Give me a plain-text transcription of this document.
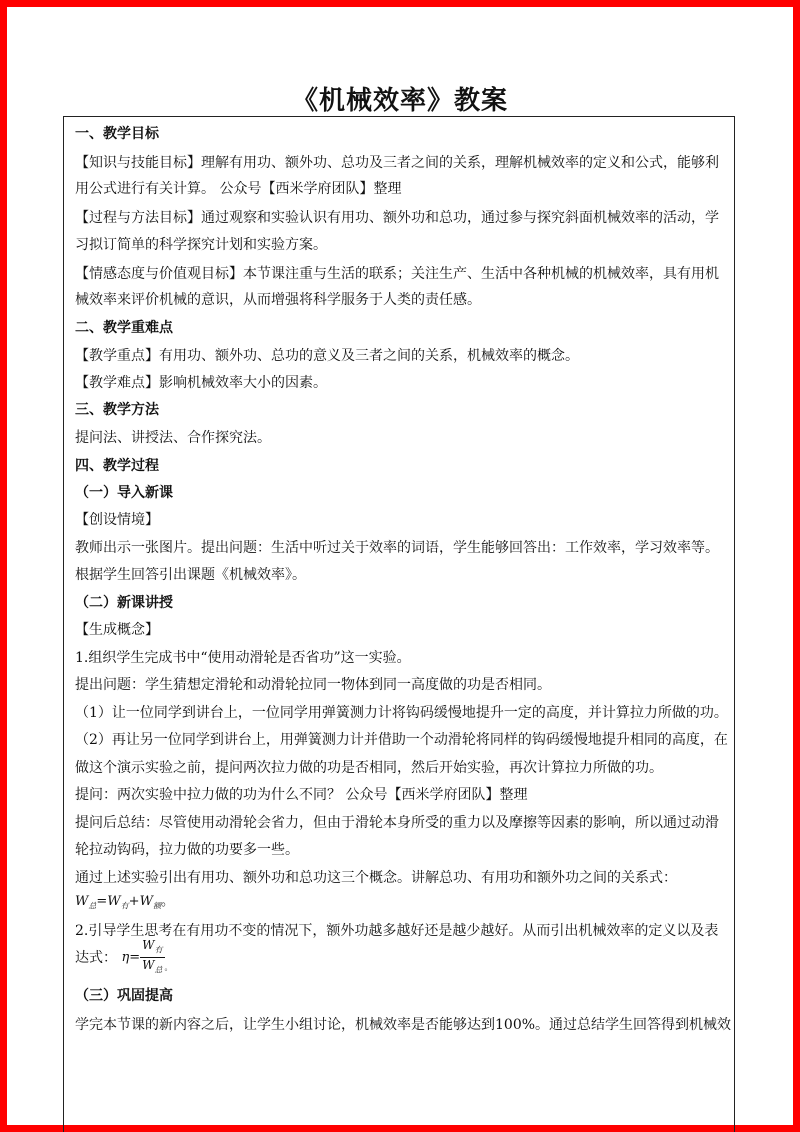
《机械效率》教案
一、教学目标
【知识与技能目标】理解有用功、额外功、总功及三者之间的关系，理解机械效率的定义和公式，能够利
用公式进行有关计算。 公众号【西米学府团队】整理
【过程与方法目标】通过观察和实验认识有用功、额外功和总功，通过参与探究斜面机械效率的活动，学
习拟订简单的科学探究计划和实验方案。
【情感态度与价值观目标】本节课注重与生活的联系；关注生产、生活中各种机械的机械效率，具有用机
械效率来评价机械的意识，从而增强将科学服务于人类的责任感。
二、教学重难点
【教学重点】有用功、额外功、总功的意义及三者之间的关系，机械效率的概念。
【教学难点】影响机械效率大小的因素。
三、教学方法
提问法、讲授法、合作探究法。
四、教学过程
（一）导入新课
【创设情境】
教师出示一张图片。提出问题：生活中听过关于效率的词语，学生能够回答出：工作效率，学习效率等。
根据学生回答引出课题《机械效率》。
（二）新课讲授
【生成概念】
1.组织学生完成书中“使用动滑轮是否省功”这一实验。
提出问题：学生猜想定滑轮和动滑轮拉同一物体到同一高度做的功是否相同。
（1）让一位同学到讲台上，一位同学用弹簧测力计将钩码缓慢地提升一定的高度，并计算拉力所做的功。
（2）再让另一位同学到讲台上，用弹簧测力计并借助一个动滑轮将同样的钩码缓慢地提升相同的高度，在
做这个演示实验之前，提问两次拉力做的功是否相同，然后开始实验，再次计算拉力所做的功。
提问：两次实验中拉力做的功为什么不同？ 公众号【西米学府团队】整理
提问后总结：尽管使用动滑轮会省力，但由于滑轮本身所受的重力以及摩擦等因素的影响，所以通过动滑
轮拉动钩码，拉力做的功要多一些。
通过上述实验引出有用功、额外功和总功这三个概念。讲解总功、有用功和额外功之间的关系式：
$W_总=W_有+W_额$。
2.引导学生思考在有用功不变的情况下，额外功越多越好还是越少越好。从而引出机械效率的定义以及表
达式： $\eta= \frac{W_有}{W_总}$ 。
（三）巩固提高
学完本节课的新内容之后，让学生小组讨论，机械效率是否能够达到100%。通过总结学生回答得到机械效
